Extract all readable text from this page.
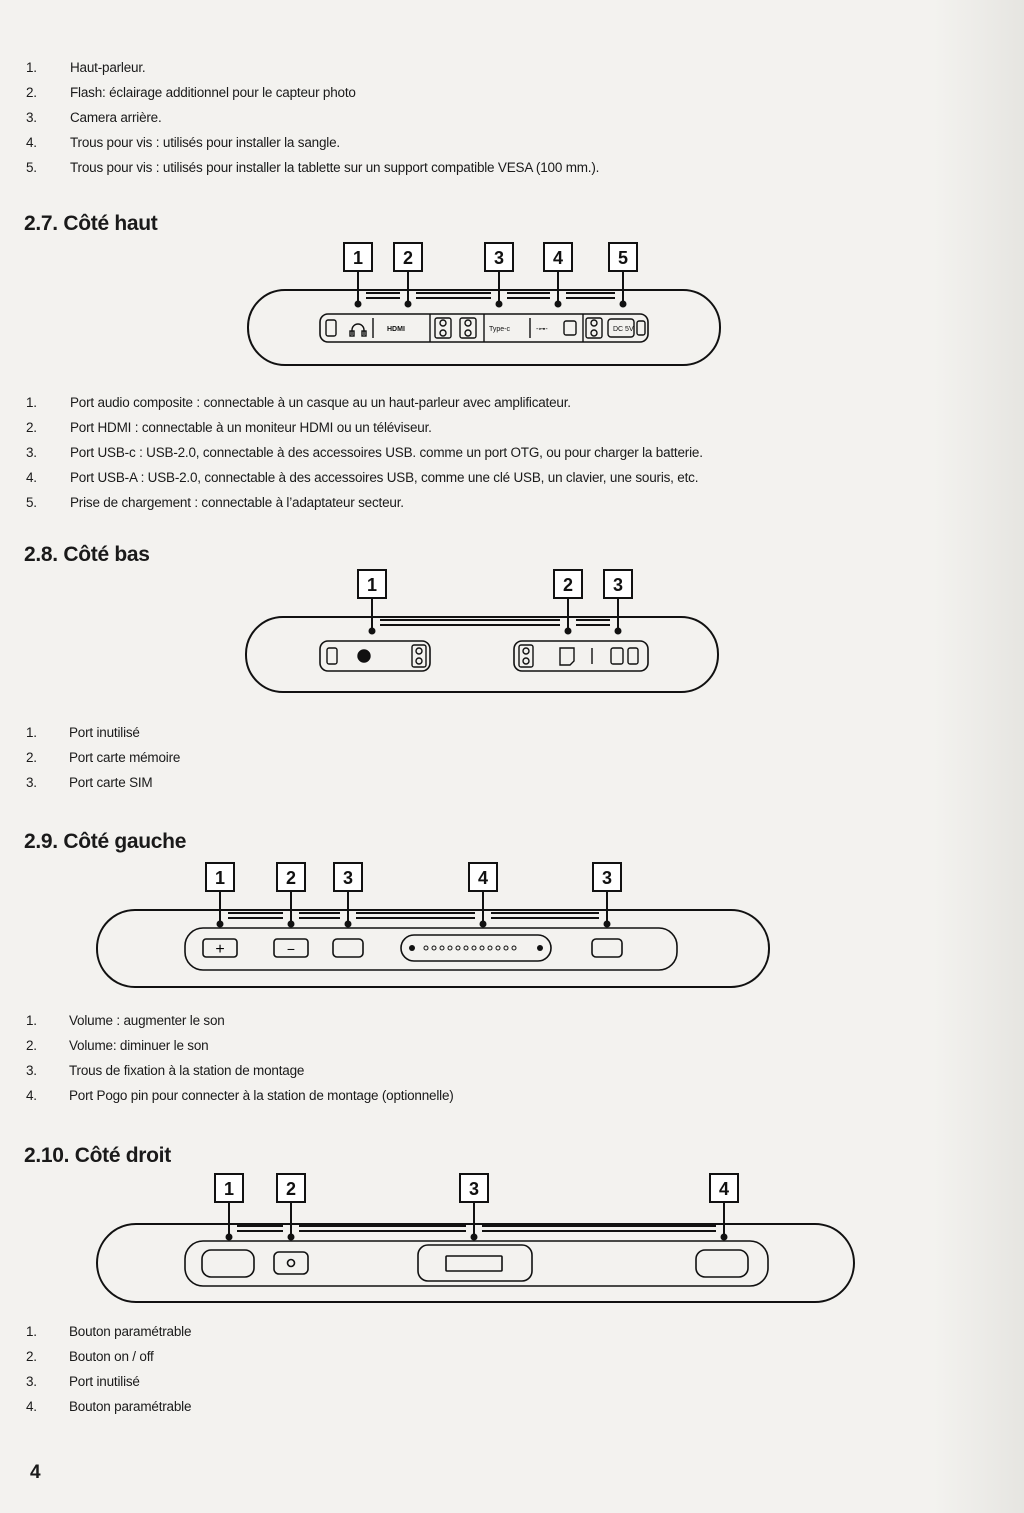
1.	Haut-parleur.
2.	Flash: éclairage additionnel pour le capteur photo
3.	Camera arrière.
4.	Trous pour vis : utilisés pour installer la sangle.
5.	Trous pour vis : utilisés pour installer la tablette sur un support compatible VESA (100 mm.).
2.7. Côté haut
1 2	3	4	5
HDMI	Type-c	-⊶-	DC 5V
1.	Port audio composite : connectable à un casque au un haut-parleur avec amplificateur.
2.	Port HDMI : connectable à un moniteur HDMI ou un téléviseur.
3.	Port USB-c : USB-2.0, connectable à des accessoires USB. comme un port OTG, ou pour charger la batterie.
4.	Port USB-A : USB-2.0, connectable à des accessoires USB, comme une clé USB, un clavier, une souris, etc.
5.	Prise de chargement : connectable à l’adaptateur secteur.
2.8. Côté bas
1	2 3
1.	Port inutilisé
2.	Port carte mémoire
3.	Port carte SIM
2.9. Côté gauche
1	2	3	4	3
+	−
1.	Volume : augmenter le son
2.	Volume: diminuer le son
3.	Trous de fixation à la station de montage
4.	Port Pogo pin pour connecter à la station de montage (optionnelle)
2.10. Côté droit
1	2	3	4
1.	Bouton paramétrable
2.	Bouton on / off
3.	Port inutilisé
4.	Bouton paramétrable
4
